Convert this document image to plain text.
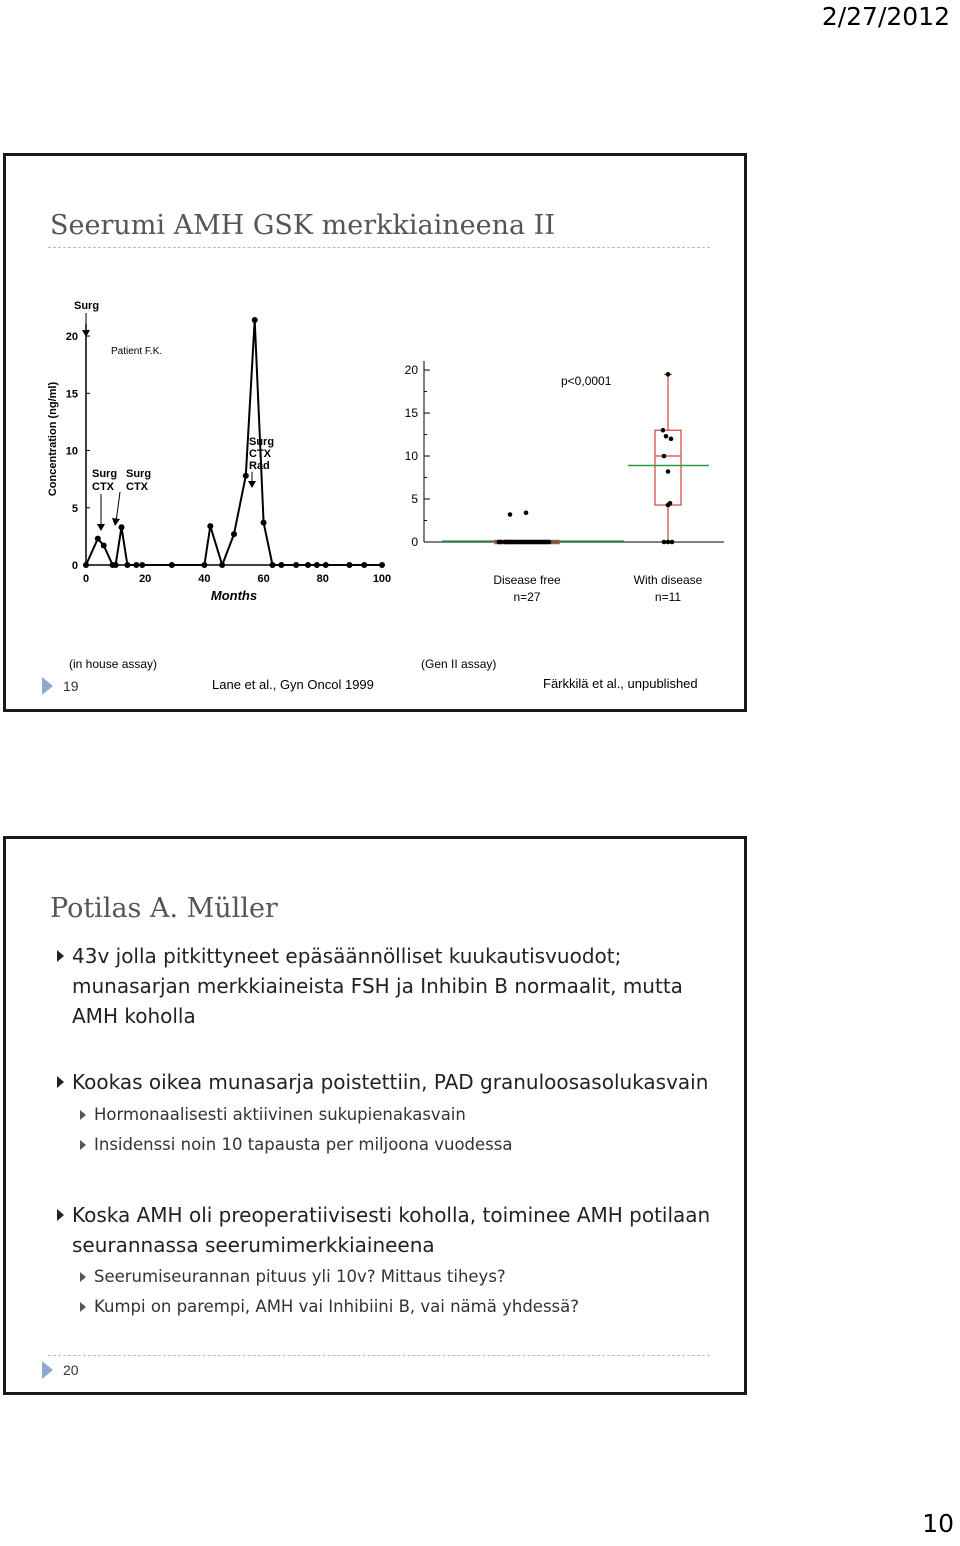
2/27/2012
Seerumi AMH GSK merkkiaineena II
Concentration (ng/ml)
0
5
10
15
20
0	20	40	60	80	100
Months
Patient F.K.
Surg
Surg
CTX
Surg
CTX
Surg
CTX
Rad
0
5
10
15
20
p<0,0001
Disease free
n=27
With disease
n=11
(in house assay)	(Gen II assay)
19	Lane et al., Gyn Oncol 1999	Färkkilä et al., unpublished
Potilas A. Müller
43v jolla pitkittyneet epäsäännölliset kuukautisvuodot; munasarjan merkkiaineista FSH ja Inhibin B normaalit, mutta AMH koholla
Kookas oikea munasarja poistettiin, PAD granuloosasolukasvain
Hormonaalisesti aktiivinen sukupienakasvain
Insidenssi noin 10 tapausta per miljoona vuodessa
Koska AMH oli preoperatiivisesti koholla, toiminee AMH potilaan seurannassa seerumimerkkiaineena
Seerumiseurannan pituus yli 10v? Mittaus tiheys?
Kumpi on parempi, AMH vai Inhibiini B, vai nämä yhdessä?
20
10
